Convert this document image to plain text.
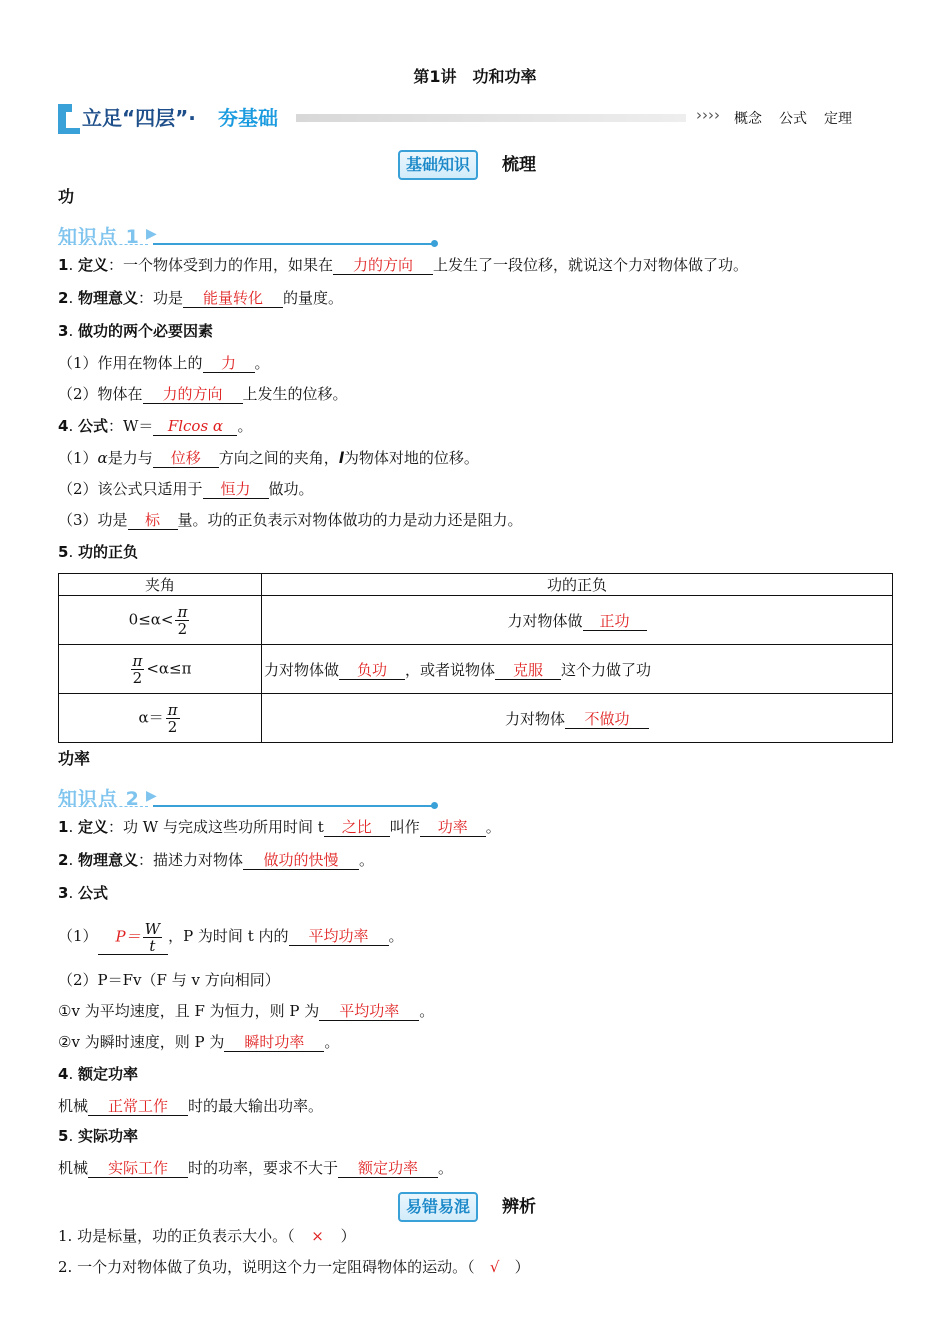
第1讲　功和功率
立足“四层”· 夯基础	›››› 概念 公式 定理
基础知识	梳理
功
知识点 1 ▶
1. 定义：一个物体受到力的作用，如果在 力的方向 上发生了一段位移，就说这个力对物体做了功。
2. 物理意义：功是 能量转化 的量度。
3. 做功的两个必要因素
（1）作用在物体上的 力 。
（2）物体在 力的方向 上发生的位移。
4. 公式：W＝ Flcos α 。
（1）α是力与 位移 方向之间的夹角，l为物体对地的位移。
（2）该公式只适用于 恒力 做功。
（3）功是 标 量。功的正负表示对物体做功的力是动力还是阻力。
5. 功的正负
夹角	功的正负
$0\le\alpha< \frac{\pi}{2}$	力对物体做 正功

$\frac{\pi}{2} <\alpha\le\pi$	力对物体做 负功 ，或者说物体 克服 这个力做了功
$\alpha= \frac{\pi}{2}$	力对物体 不做功
功率
知识点 2 ▶
1. 定义：功 W 与完成这些功所用时间 t 之比 叫作 功率 。
2. 物理意义：描述力对物体 做功的快慢 。
3. 公式
（1） $P= \frac{W}{t}$ ，P 为时间 t 内的 平均功率 。
（2）P＝Fv（F 与 v 方向相同）
①v 为平均速度，且 F 为恒力，则 P 为 平均功率 。
②v 为瞬时速度，则 P 为 瞬时功率 。
4. 额定功率
机械 正常工作 时的最大输出功率。
5. 实际功率
机械 实际工作 时的功率，要求不大于 额定功率 。
易错易混	辨析
1. 功是标量，功的正负表示大小。（ × ）
2. 一个力对物体做了负功，说明这个力一定阻碍物体的运动。（ √ ）
